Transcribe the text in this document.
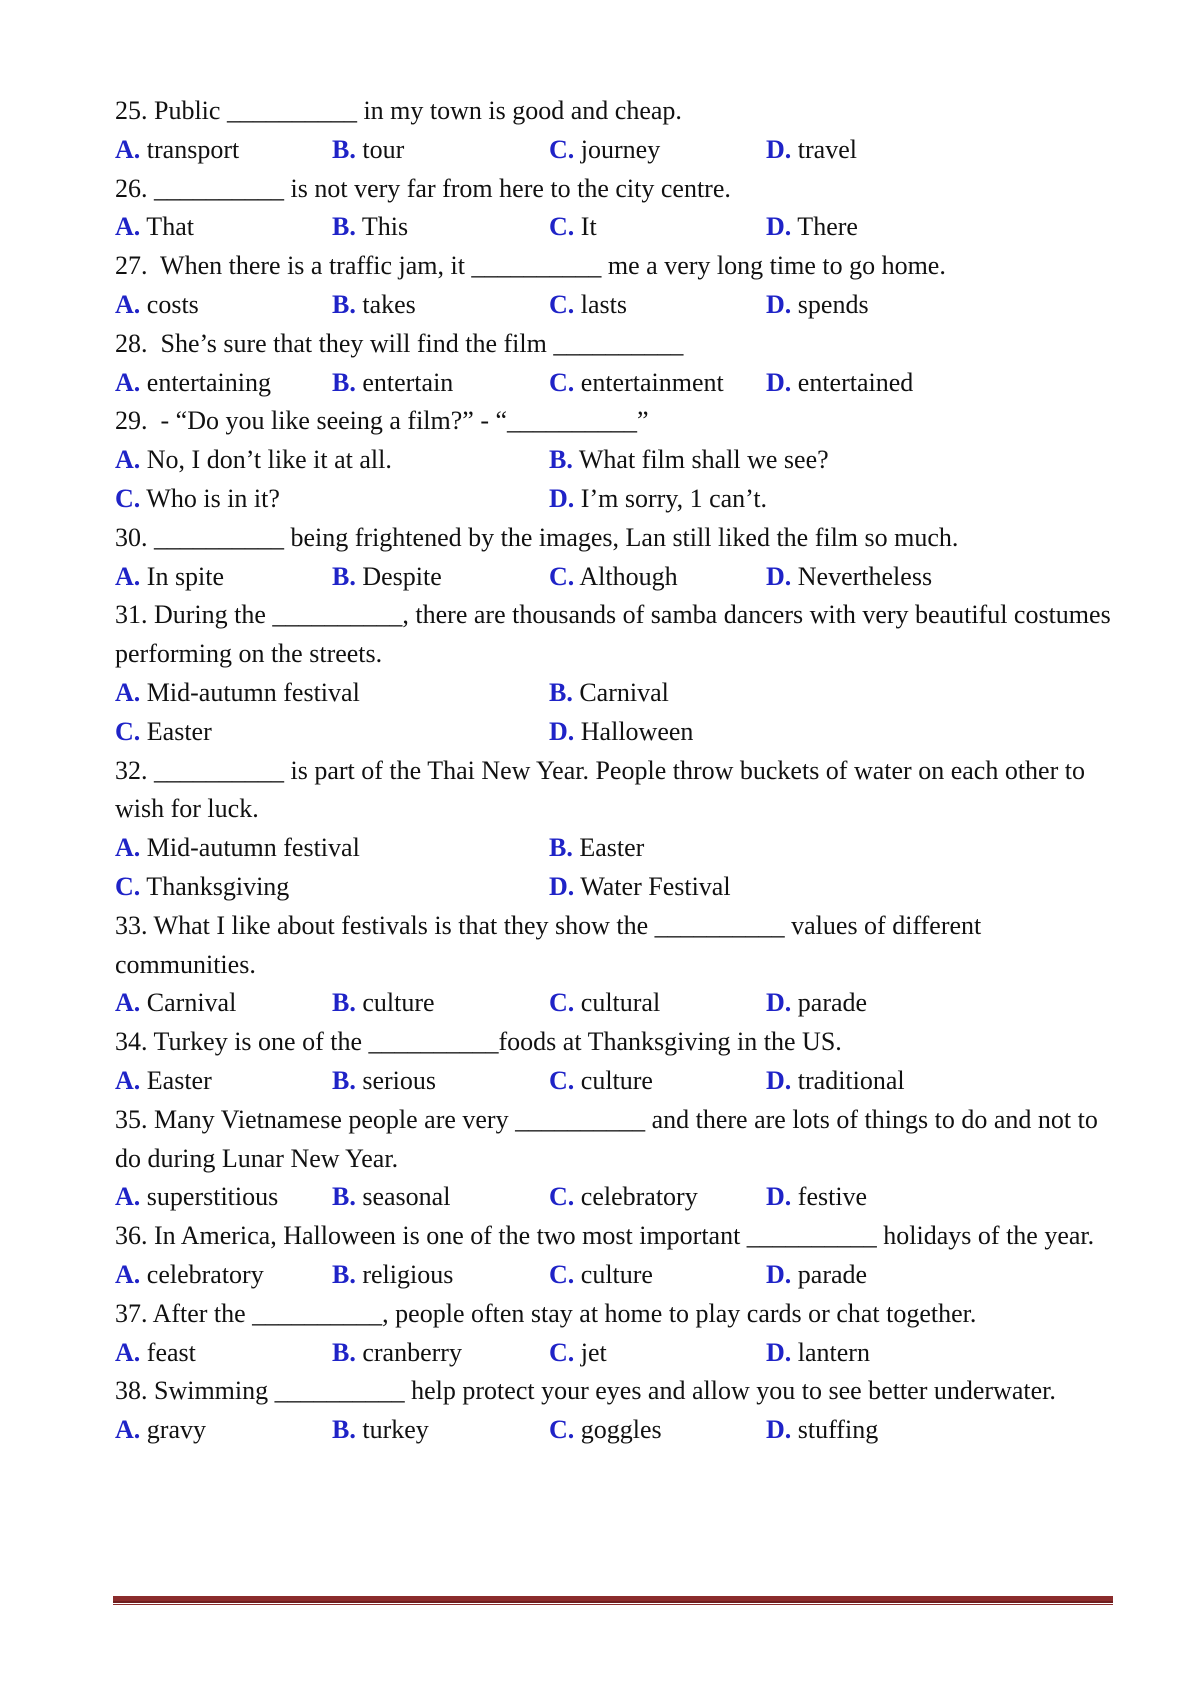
25. Public __________ in my town is good and cheap.
A. transport	B. tour	C. journey	D. travel
26. __________ is not very far from here to the city centre.
A. That	B. This	C. It	D. There
27.  When there is a traffic jam, it __________ me a very long time to go home.
A. costs	B. takes	C. lasts	D. spends
28.  She’s sure that they will find the film __________
A. entertaining	B. entertain	C. entertainment	D. entertained
29.  - “Do you like seeing a film?” - “__________”
A. No, I don’t like it at all.	B. What film shall we see?
C. Who is in it?	D. I’m sorry, 1 can’t.
30. __________ being frightened by the images, Lan still liked the film so much.
A. In spite	B. Despite	C. Although	D. Nevertheless
31. During the __________, there are thousands of samba dancers with very beautiful costumes performing on the streets.
A. Mid-autumn festival	B. Carnival
C. Easter	D. Halloween
32. __________ is part of the Thai New Year. People throw buckets of water on each other to wish for luck.
A. Mid-autumn festival	B. Easter
C. Thanksgiving	D. Water Festival
33. What I like about festivals is that they show the __________ values of different communities.
A. Carnival	B. culture	C. cultural	D. parade
34. Turkey is one of the __________foods at Thanksgiving in the US.
A. Easter	B. serious	C. culture	D. traditional
35. Many Vietnamese people are very __________ and there are lots of things to do and not to do during Lunar New Year.
A. superstitious	B. seasonal	C. celebratory	D. festive
36. In America, Halloween is one of the two most important __________ holidays of the year.
A. celebratory	B. religious	C. culture	D. parade
37. After the __________, people often stay at home to play cards or chat together.
A. feast	B. cranberry	C. jet	D. lantern
38. Swimming __________ help protect your eyes and allow you to see better underwater.
A. gravy	B. turkey	C. goggles	D. stuffing
